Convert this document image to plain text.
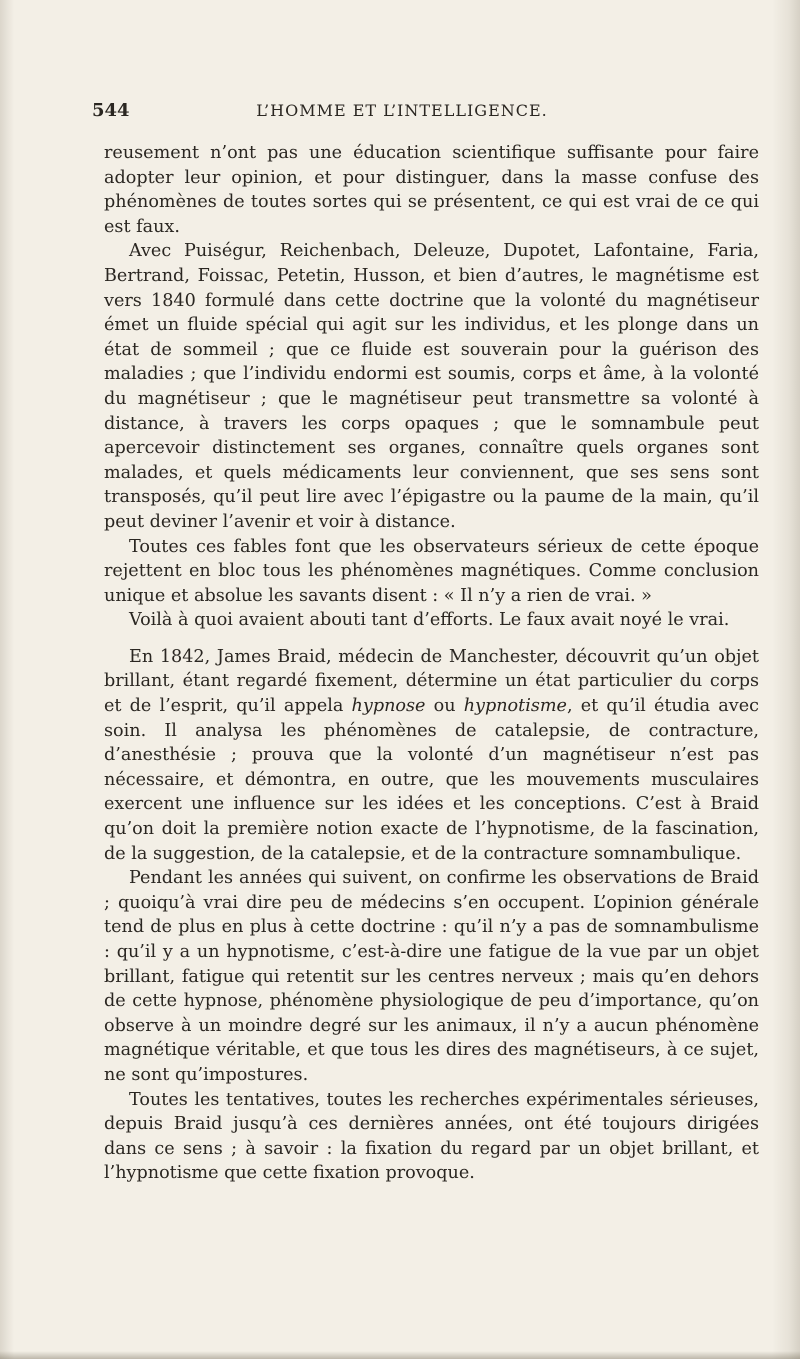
544	L’HOMME ET L’INTELLIGENCE.

reusement n’ont pas une éducation scientifique suffisante pour faire adopter leur opinion, et pour distinguer, dans la masse confuse des phénomènes de toutes sortes qui se présentent, ce qui est vrai de ce qui est faux.

Avec Puiségur, Reichenbach, Deleuze, Dupotet, Lafontaine, Faria, Bertrand, Foissac, Petetin, Husson, et bien d’autres, le magnétisme est vers 1840 formulé dans cette doctrine que la volonté du magnétiseur émet un fluide spécial qui agit sur les individus, et les plonge dans un état de sommeil ; que ce fluide est souverain pour la guérison des maladies ; que l’individu endormi est soumis, corps et âme, à la volonté du magnétiseur ; que le magnétiseur peut transmettre sa volonté à distance, à travers les corps opaques ; que le somnambule peut apercevoir distinctement ses organes, connaître quels organes sont malades, et quels médicaments leur conviennent, que ses sens sont transposés, qu’il peut lire avec l’épigastre ou la paume de la main, qu’il peut deviner l’avenir et voir à distance.

Toutes ces fables font que les observateurs sérieux de cette époque rejettent en bloc tous les phénomènes magnétiques. Comme conclusion unique et absolue les savants disent : « Il n’y a rien de vrai. »

Voilà à quoi avaient abouti tant d’efforts. Le faux avait noyé le vrai.

En 1842, James Braid, médecin de Manchester, découvrit qu’un objet brillant, étant regardé fixement, détermine un état particulier du corps et de l’esprit, qu’il appela hypnose ou hypnotisme, et qu’il étudia avec soin. Il analysa les phénomènes de catalepsie, de contracture, d’anesthésie ; prouva que la volonté d’un magnétiseur n’est pas nécessaire, et démontra, en outre, que les mouvements musculaires exercent une influence sur les idées et les conceptions. C’est à Braid qu’on doit la première notion exacte de l’hypnotisme, de la fascination, de la suggestion, de la catalepsie, et de la contracture somnambulique.

Pendant les années qui suivent, on confirme les observations de Braid ; quoiqu’à vrai dire peu de médecins s’en occupent. L’opinion générale tend de plus en plus à cette doctrine : qu’il n’y a pas de somnambulisme : qu’il y a un hypnotisme, c’est-à-dire une fatigue de la vue par un objet brillant, fatigue qui retentit sur les centres nerveux ; mais qu’en dehors de cette hypnose, phénomène physiologique de peu d’importance, qu’on observe à un moindre degré sur les animaux, il n’y a aucun phénomène magnétique véritable, et que tous les dires des magnétiseurs, à ce sujet, ne sont qu’impostures.

Toutes les tentatives, toutes les recherches expérimentales sérieuses, depuis Braid jusqu’à ces dernières années, ont été toujours dirigées dans ce sens ; à savoir : la fixation du regard par un objet brillant, et l’hypnotisme que cette fixation provoque.
